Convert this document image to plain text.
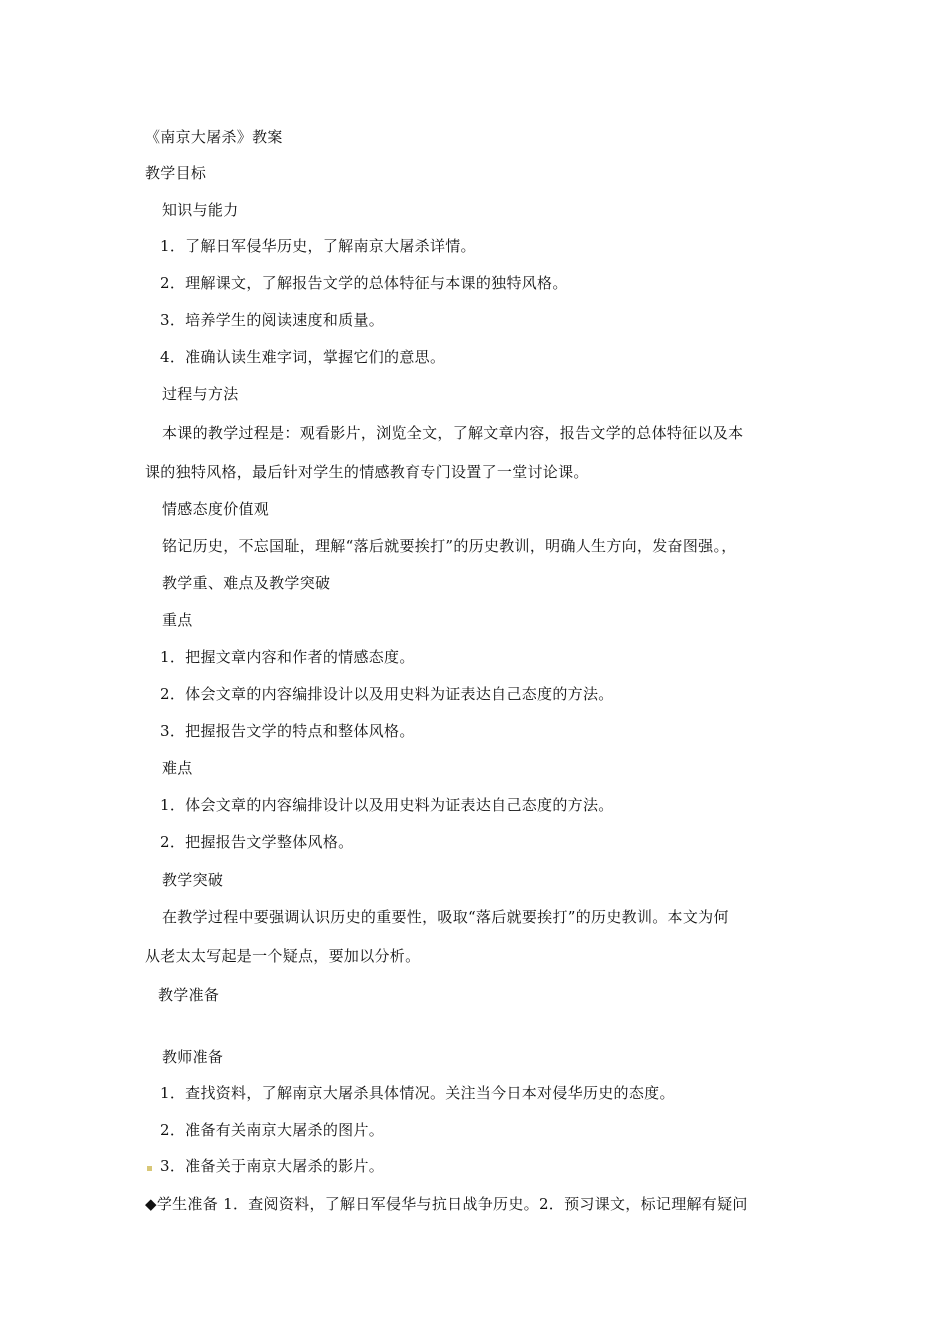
《南京大屠杀》教案
教学目标
知识与能力
1．了解日军侵华历史，了解南京大屠杀详情。
2．理解课文，了解报告文学的总体特征与本课的独特风格。
3．培养学生的阅读速度和质量。
4．准确认读生难字词，掌握它们的意思。
过程与方法
本课的教学过程是：观看影片，浏览全文，了解文章内容，报告文学的总体特征以及本
课的独特风格，最后针对学生的情感教育专门设置了一堂讨论课。
情感态度价值观
铭记历史，不忘国耻，理解“落后就要挨打”的历史教训，明确人生方向，发奋图强。，
教学重、难点及教学突破
重点
1．把握文章内容和作者的情感态度。
2．体会文章的内容编排设计以及用史料为证表达自己态度的方法。
3．把握报告文学的特点和整体风格。
难点
1．体会文章的内容编排设计以及用史料为证表达自己态度的方法。
2．把握报告文学整体风格。
教学突破
在教学过程中要强调认识历史的重要性，吸取“落后就要挨打”的历史教训。本文为何
从老太太写起是一个疑点，要加以分析。
教学准备
教师准备
1．查找资料，了解南京大屠杀具体情况。关注当今日本对侵华历史的态度。
2．准备有关南京大屠杀的图片。
3．准备关于南京大屠杀的影片。
◆学生准备 1．查阅资料，了解日军侵华与抗日战争历史。2．预习课文，标记理解有疑问
